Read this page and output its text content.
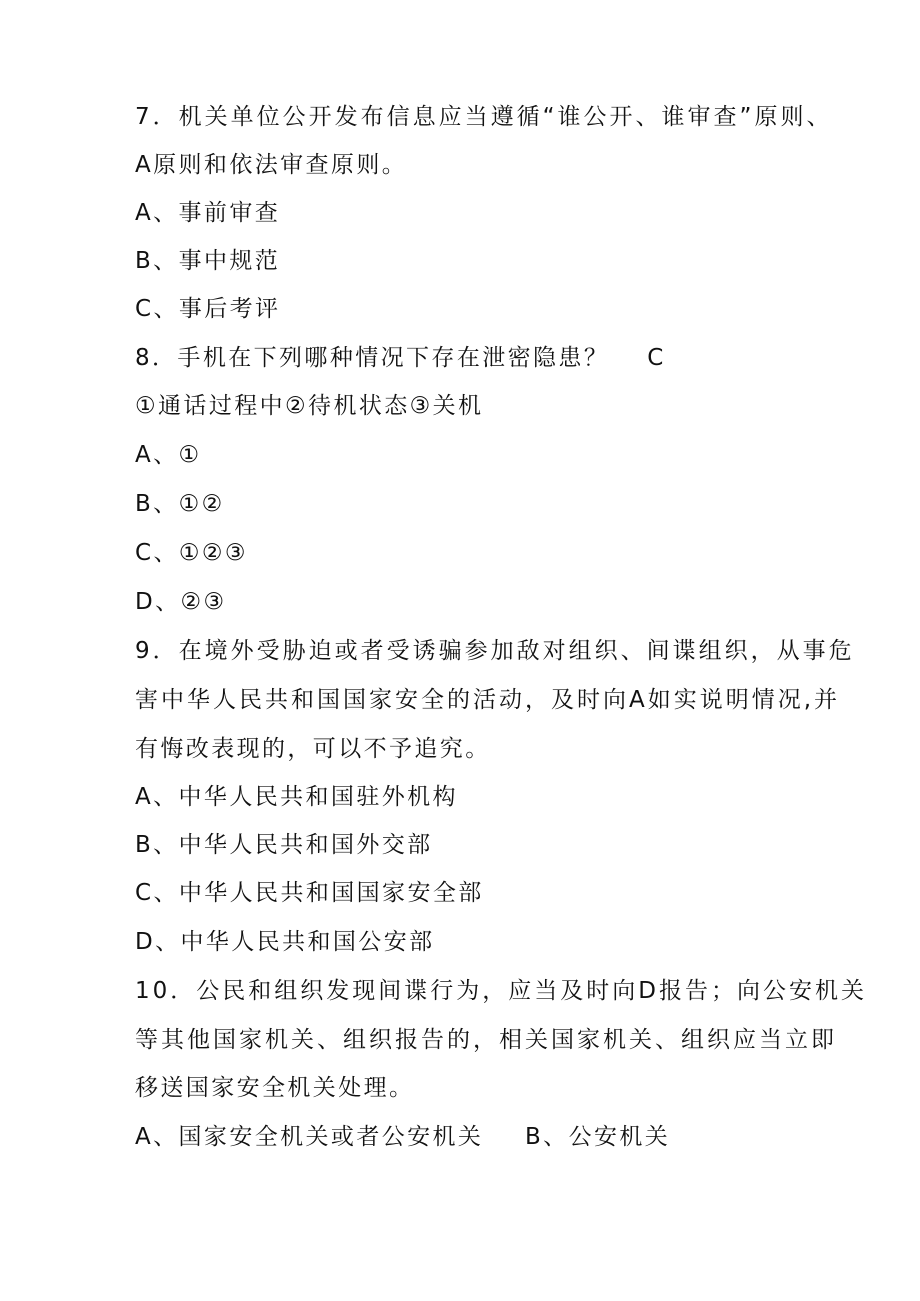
7．机关单位公开发布信息应当遵循“谁公开、谁审查”原则、
A原则和依法审查原则。
A、事前审查
B、事中规范
C、事后考评
8．手机在下列哪种情况下存在泄密隐患？ C
①通话过程中②待机状态③关机
A、①
B、①②
C、①②③
D、②③
9．在境外受胁迫或者受诱骗参加敌对组织、间谍组织，从事危
害中华人民共和国国家安全的活动，及时向A如实说明情况,并
有悔改表现的，可以不予追究。
A、中华人民共和国驻外机构
B、中华人民共和国外交部
C、中华人民共和国国家安全部
D、中华人民共和国公安部
10．公民和组织发现间谍行为，应当及时向D报告；向公安机关
等其他国家机关、组织报告的，相关国家机关、组织应当立即
移送国家安全机关处理。
A、国家安全机关或者公安机关 B、公安机关
